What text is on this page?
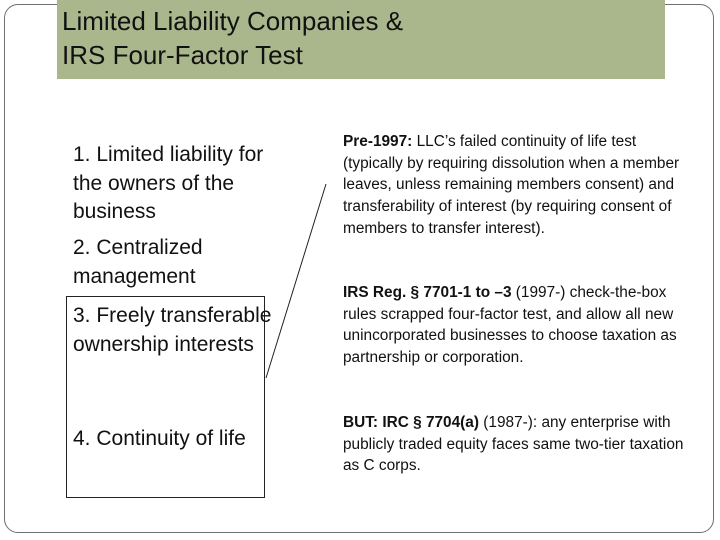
Limited Liability Companies &
IRS Four-Factor Test

1. Limited liability for the owners of the business

2. Centralized management

3. Freely transferable ownership interests

4. Continuity of life

Pre-1997: LLC’s failed continuity of life test (typically by requiring dissolution when a member leaves, unless remaining members consent) and transferability of interest (by requiring consent of members to transfer interest).

IRS Reg. § 7701-1 to –3 (1997-) check-the-box rules scrapped four-factor test, and allow all new unincorporated businesses to choose taxation as partnership or corporation.

BUT: IRC § 7704(a) (1987-): any enterprise with publicly traded equity faces same two-tier taxation as C corps.
